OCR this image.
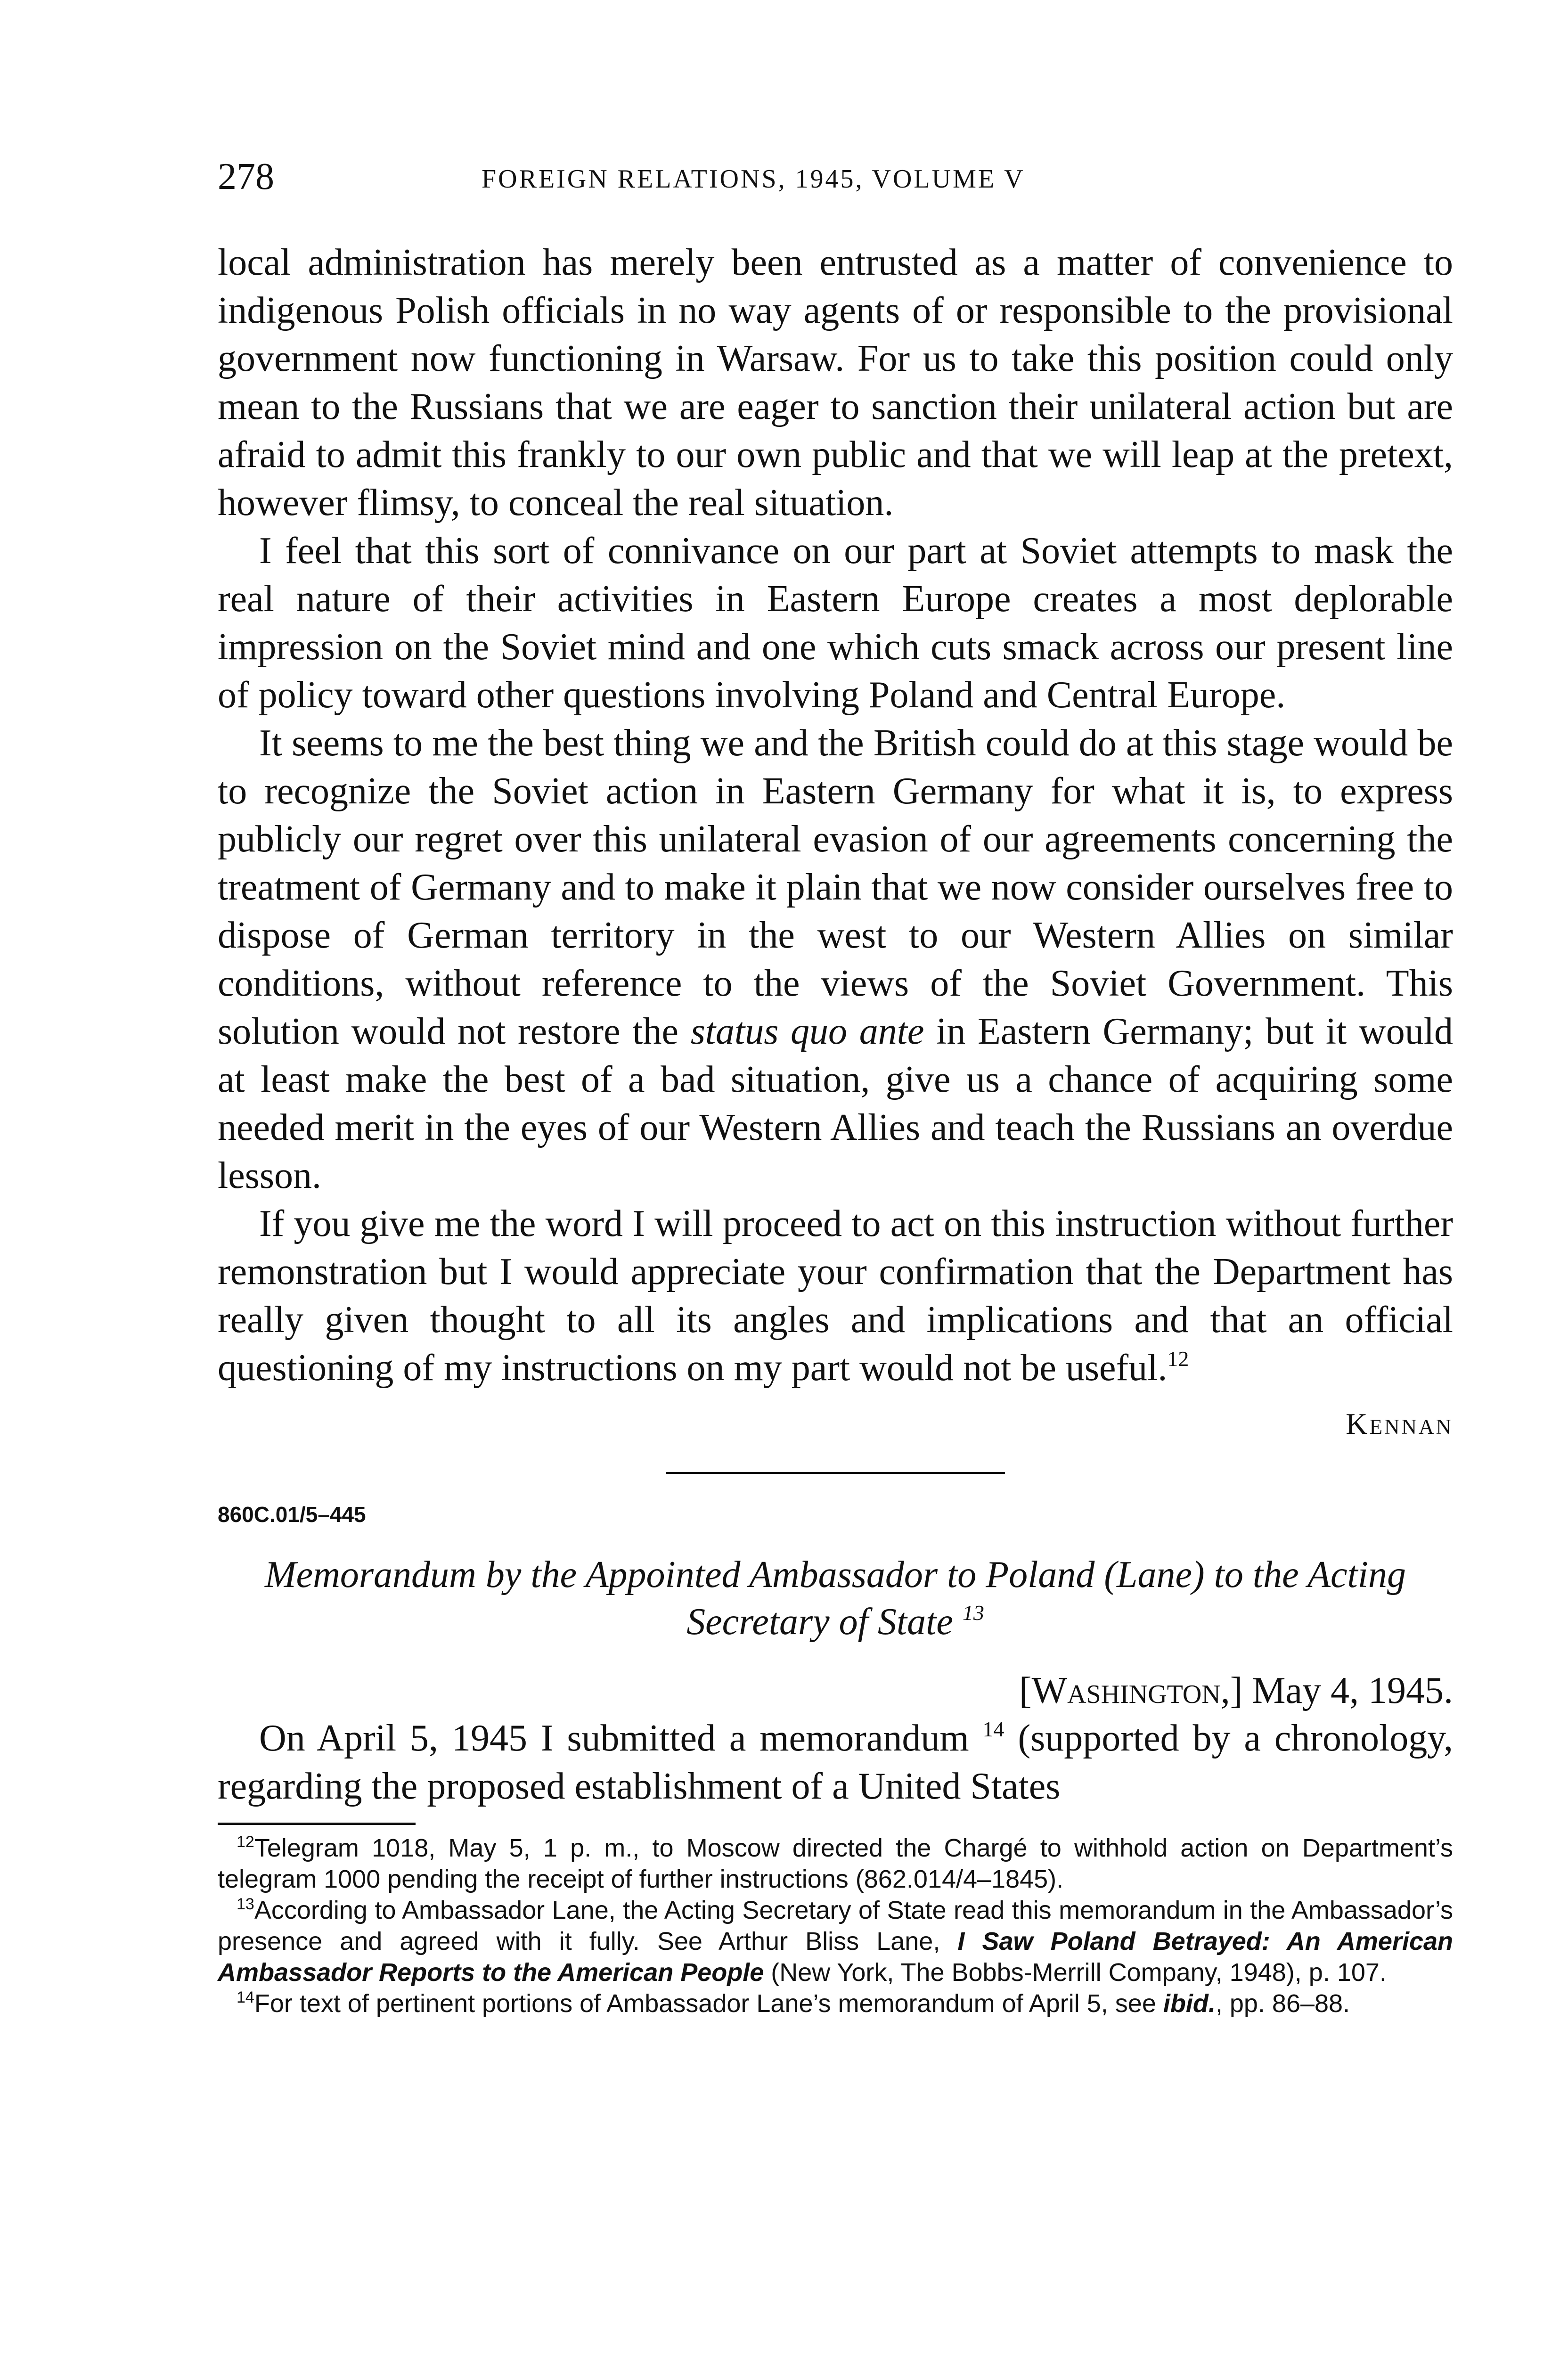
278	FOREIGN RELATIONS, 1945, VOLUME V

local administration has merely been entrusted as a matter of convenience to indigenous Polish officials in no way agents of or responsible to the provisional government now functioning in Warsaw. For us to take this position could only mean to the Russians that we are eager to sanction their unilateral action but are afraid to admit this frankly to our own public and that we will leap at the pretext, however flimsy, to conceal the real situation.

I feel that this sort of connivance on our part at Soviet attempts to mask the real nature of their activities in Eastern Europe creates a most deplorable impression on the Soviet mind and one which cuts smack across our present line of policy toward other questions involving Poland and Central Europe.

It seems to me the best thing we and the British could do at this stage would be to recognize the Soviet action in Eastern Germany for what it is, to express publicly our regret over this unilateral evasion of our agreements concerning the treatment of Germany and to make it plain that we now consider ourselves free to dispose of German territory in the west to our Western Allies on similar conditions, without reference to the views of the Soviet Government. This solution would not restore the status quo ante in Eastern Germany; but it would at least make the best of a bad situation, give us a chance of acquiring some needed merit in the eyes of our Western Allies and teach the Russians an overdue lesson.

If you give me the word I will proceed to act on this instruction without further remonstration but I would appreciate your confirmation that the Department has really given thought to all its angles and implications and that an official questioning of my instructions on my part would not be useful.$^{12}$

Kennan
860C.01/5–445
Memorandum by the Appointed Ambassador to Poland (Lane) to the Acting Secretary of State $^{13}$
[Washington,] May 4, 1945.

On April 5, 1945 I submitted a memorandum $^{14}$ (supported by a chronology, regarding the proposed establishment of a United States

$^{12}$Telegram 1018, May 5, 1 p. m., to Moscow directed the Chargé to withhold action on Department’s telegram 1000 pending the receipt of further instructions (862.014/4–1845).

$^{13}$According to Ambassador Lane, the Acting Secretary of State read this memorandum in the Ambassador’s presence and agreed with it fully. See Arthur Bliss Lane, I Saw Poland Betrayed: An American Ambassador Reports to the American People (New York, The Bobbs-Merrill Company, 1948), p. 107.

$^{14}$For text of pertinent portions of Ambassador Lane’s memorandum of April 5, see ibid., pp. 86–88.
